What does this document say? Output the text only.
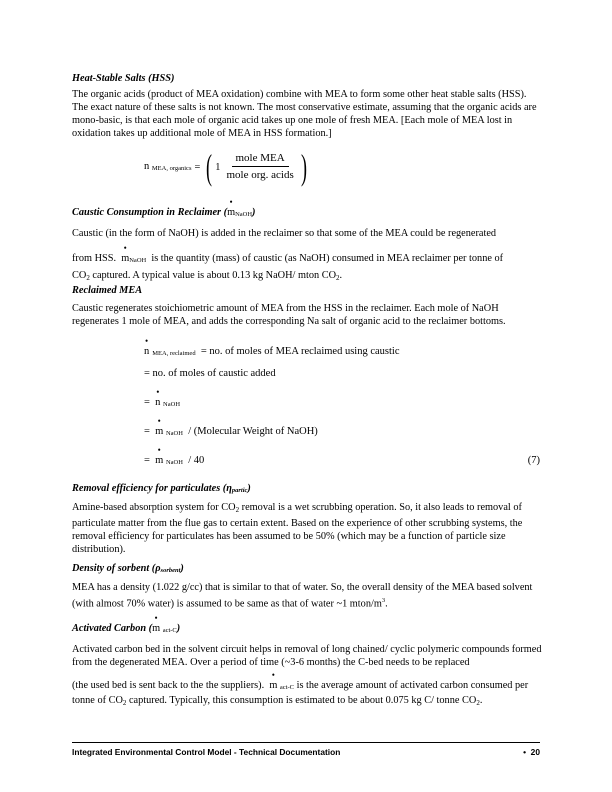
Heat-Stable Salts (HSS)

The organic acids (product of MEA oxidation) combine with MEA to form some other heat stable salts (HSS). The exact nature of these salts is not known. The most conservative estimate, assuming that the organic acids are mono-basic, is that each mole of organic acid takes up one mole of fresh MEA. [Each mole of MEA lost in oxidation takes up additional mole of MEA in HSS formation.]

n MEA, organics = ( $1 \frac{\text{mole MEA}}{\text{mole org. acids}}$ )

Caustic Consumption in Reclaimer (• mNaOH)

Caustic (in the form of NaOH) is added in the reclaimer so that some of the MEA could be regenerated

from HSS. • mNaOH is the quantity (mass) of caustic (as NaOH) consumed in MEA reclaimer per tonne of

CO2 captured. A typical value is about 0.13 kg NaOH/ mton CO2.

Reclaimed MEA

Caustic regenerates stoichiometric amount of MEA from the HSS in the reclaimer. Each mole of NaOH regenerates 1 mole of MEA, and adds the corresponding Na salt of organic acid to the reclaimer bottoms.

• nMEA, reclaimed = no. of moles of MEA reclaimed using caustic
= no. of moles of caustic added
= • n NaOH
= • m NaOH / (Molecular Weight of NaOH)
= • m NaOH / 40	(7)

Removal efficiency for particulates (ηpartic)

Amine-based absorption system for CO2 removal is a wet scrubbing operation. So, it also leads to removal of particulate matter from the flue gas to certain extent. Based on the experience of other scrubbing systems, the removal efficiency for particulates has been assumed to be 50% (which may be a function of particle size distribution).

Density of sorbent (ρsorbent)

MEA has a density (1.022 g/cc) that is similar to that of water. So, the overall density of the MEA based solvent (with almost 70% water) is assumed to be same as that of water ~1 mton/$m^3$.

Activated Carbon (• m act-C)

Activated carbon bed in the solvent circuit helps in removal of long chained/ cyclic polymeric compounds formed from the degenerated MEA. Over a period of time (~3-6 months) the C-bed needs to be replaced

(the used bed is sent back to the the suppliers). • m act-C is the average amount of activated carbon consumed per tonne of CO2 captured. Typically, this consumption is estimated to be about 0.075 kg C/ tonne CO2.

Integrated Environmental Control Model - Technical Documentation	• 20
